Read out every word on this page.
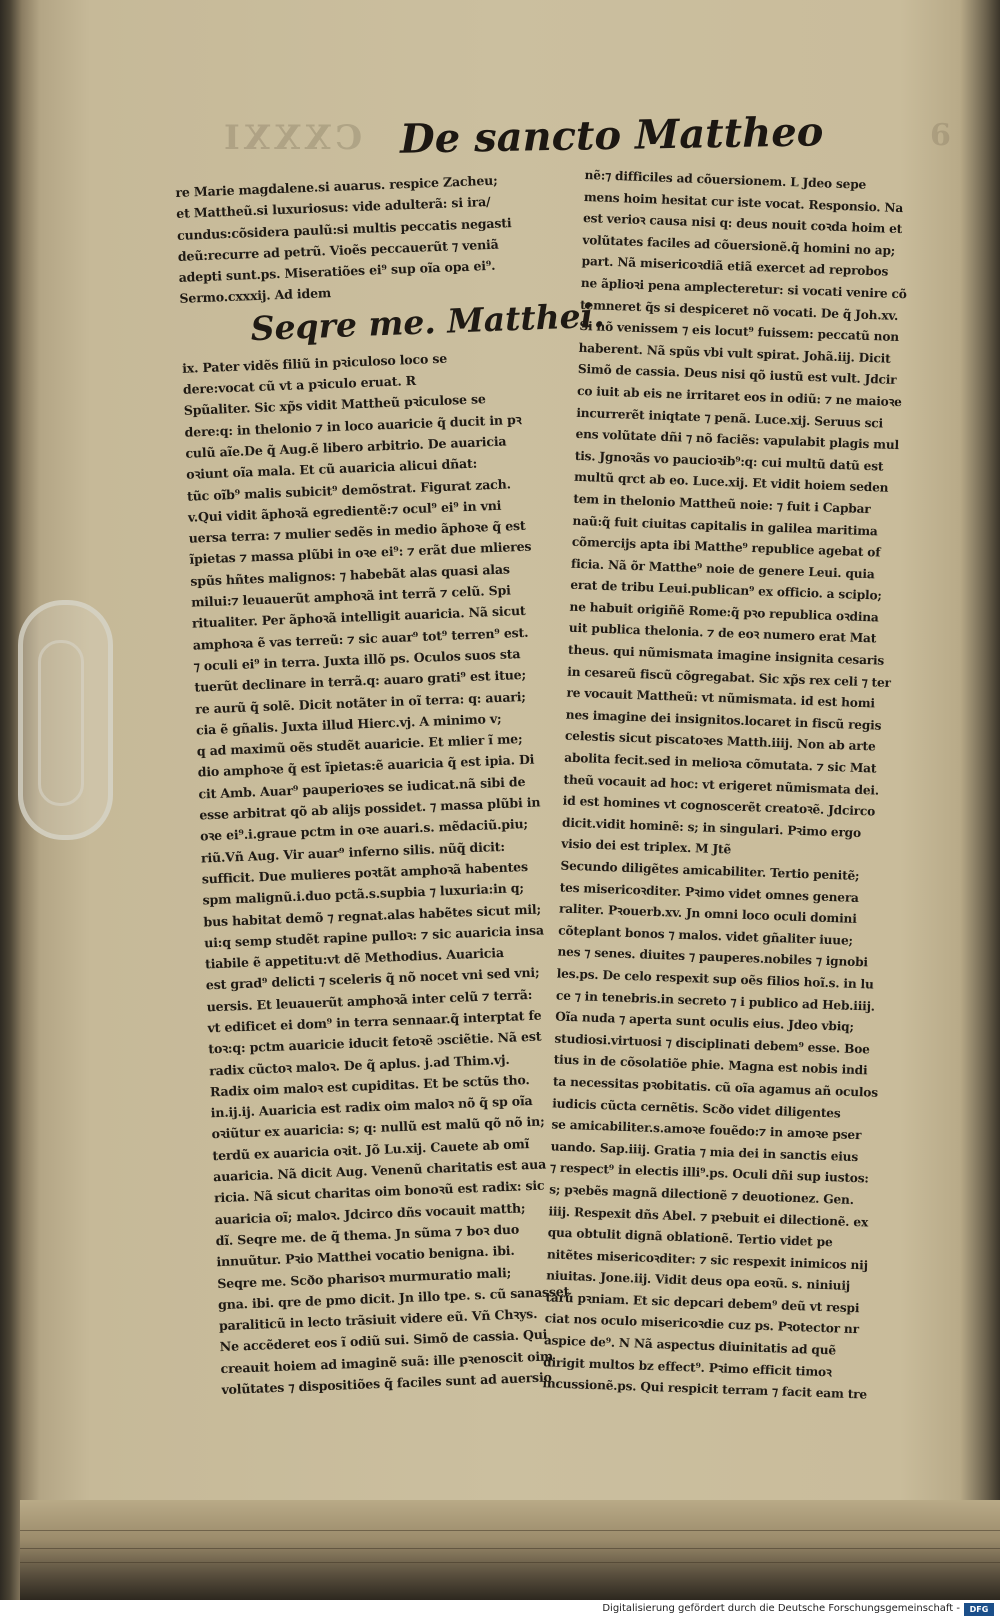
CXXXI	6
De sancto Mattheo
re Marie magdalene.si auarus. respice Zacheu;
et Mattheũ.si luxuriosus: vide adulterã: si ira/
cundus:cõsidera paulũ:si multis peccatis negasti
deũ:recurre ad petrũ. Vioẽs peccauerũt ⁊ veniã
adepti sunt.ps. Miseratiões ei⁹ sup oĩa opa ei⁹.
Sermo.cxxxij. Ad idem
Seqre me. Matthei.
ix. Pater vidẽs filiũ in pꝛiculoso loco se
dere:vocat cũ vt a pꝛiculo eruat. R
Spũaliter. Sic xp̃s vidit Mattheũ pꝛiculose se
dere:q: in thelonio ⁊ in loco auaricie q̃ ducit in pꝛ
culũ aĩe.De q̃ Aug.ẽ libero arbitrio. De auaricia
oꝛiunt oĩa mala. Et cũ auaricia alicui dñat:
tũc oĩb⁹ malis subicit⁹ demõstrat. Figurat zach.
v.Qui vidit ãphoꝛã egredientẽ:⁊ ocul⁹ ei⁹ in vni
uersa terra: ⁊ mulier sedẽs in medio ãphoꝛe q̃ est
ĩpietas ⁊ massa plũbi in oꝛe ei⁹: ⁊ erãt due mlieres
spũs hñtes malignos: ⁊ habebãt alas quasi alas
milui:⁊ leuauerũt amphoꝛã int terrã ⁊ celũ. Spi
ritualiter. Per ãphoꝛã intelligit auaricia. Nã sicut
amphoꝛa ẽ vas terreũ: ⁊ sic auar⁹ tot⁹ terren⁹ est.
⁊ oculi ei⁹ in terra. Juxta illõ ps. Oculos suos sta
tuerũt declinare in terrã.q: auaro grati⁹ est itue;
re aurũ q̃ solẽ. Dicit notãter in oĩ terra: q: auari;
cia ẽ gñalis. Juxta illud Hierc.vj. A minimo v;
q ad maximũ oẽs studẽt auaricie. Et mlier ĩ me;
dio amphoꝛe q̃ est ĩpietas:ẽ auaricia q̃ est ipia. Di
cit Amb. Auar⁹ pauperioꝛes se iudicat.nã sibi de
esse arbitrat qõ ab alijs possidet. ⁊ massa plũbi in
oꝛe ei⁹.i.graue pctm in oꝛe auari.s. mẽdaciũ.piu;
riũ.Vñ Aug. Vir auar⁹ inferno silis. nũq̃ dicit:
sufficit. Due mulieres poꝛtãt amphoꝛã habentes
spm malignũ.i.duo pctã.s.supbia ⁊ luxuria:in q;
bus habitat demõ ⁊ regnat.alas habẽtes sicut mil;
ui:q semp studẽt rapine pulloꝛ: ⁊ sic auaricia insa
tiabile ẽ appetitu:vt dẽ Methodius. Auaricia
est grad⁹ delicti ⁊ sceleris q̃ nõ nocet vni sed vni;
uersis. Et leuauerũt amphoꝛã inter celũ ⁊ terrã:
vt edificet ei dom⁹ in terra sennaar.q̃ interptat fe
toꝛ:q: pctm auaricie iducit fetoꝛẽ ↄsciẽtie. Nã est
radix cũctoꝛ maloꝛ. De q̃ aplus. j.ad Thim.vj.
Radix oim maloꝛ est cupiditas. Et be sctũs tho.
in.ij.ij. Auaricia est radix oim maloꝛ nõ q̃ sp oĩa
oꝛiũtur ex auaricia: s; q: nullũ est malũ qõ nõ in;
terdũ ex auaricia oꝛit. Jõ Lu.xij. Cauete ab omĩ
auaricia. Nã dicit Aug. Venenũ charitatis est aua
ricia. Nã sicut charitas oim bonoꝛũ est radix: sic
auaricia oĩ; maloꝛ. Jdcirco dñs vocauit matth;
dĩ. Seqre me. de q̃ thema. Jn sũma ⁊ boꝛ duo
innuũtur. Pꝛio Matthei vocatio benigna. ibi.
Seqre me. Scðo pharisoꝛ murmuratio mali;
gna. ibi. qre de pmo dicit. Jn illo tpe. s. cũ sanasset
paraliticũ in lecto trãsiuit videre eũ. Vñ Chꝛys.
Ne accẽderet eos ĩ odiũ sui. Simõ de cassia. Qui
creauit hoiem ad imaginẽ suã: ille pꝛenoscit oim
volũtates ⁊ dispositiões q̃ faciles sunt ad auersio
nẽ:⁊ difficiles ad cõuersionem. L Jdeo sepe
mens hoim hesitat cur iste vocat. Responsio. Na
est verioꝛ causa nisi q: deus nouit coꝛda hoim et
volũtates faciles ad cõuersionẽ.q̃ homini no ap;
part. Nã misericoꝛdiã etiã exercet ad reprobos
ne ãplioꝛi pena amplecteretur: si vocati venire cõ
temneret q̃s si despiceret nõ vocati. De q̃ Joh.xv.
Si nõ venissem ⁊ eis locut⁹ fuissem: peccatũ non
haberent. Nã spũs vbi vult spirat. Johã.iij. Dicit
Simõ de cassia. Deus nisi qõ iustũ est vult. Jdcir
co iuit ab eis ne irritaret eos in odiũ: ⁊ ne maioꝛe
incurrerẽt iniqtate ⁊ penã. Luce.xij. Seruus sci
ens volũtate dñi ⁊ nõ faciẽs: vapulabit plagis mul
tis. Jgnoꝛãs vo paucioꝛib⁹:q: cui multũ datũ est
multũ qrct ab eo. Luce.xij. Et vidit hoiem seden
tem in thelonio Mattheũ noie: ⁊ fuit i Capbar
naũ:q̃ fuit ciuitas capitalis in galilea maritima
cõmercijs apta ibi Matthe⁹ republice agebat of
ficia. Nã õr Matthe⁹ noie de genere Leui. quia
erat de tribu Leui.publican⁹ ex officio. a sciplo;
ne habuit origiñẽ Rome:q̃ pꝛo republica oꝛdina
uit publica thelonia. ⁊ de eoꝛ numero erat Mat
theus. qui nũmismata imagine insignita cesaris
in cesareũ fiscũ cõgregabat. Sic xp̃s rex celi ⁊ ter
re vocauit Mattheũ: vt nũmismata. id est homi
nes imagine dei insignitos.locaret in fiscũ regis
celestis sicut piscatoꝛes Matth.iiij. Non ab arte
abolita fecit.sed in melioꝛa cõmutata. ⁊ sic Mat
theũ vocauit ad hoc: vt erigeret nũmismata dei.
id est homines vt cognoscerẽt creatoꝛẽ. Jdcirco
dicit.vidit hominẽ: s; in singulari. Pꝛimo ergo
visio dei est triplex. M Jtẽ
Secundo diligẽtes amicabiliter. Tertio penitẽ;
tes misericoꝛditer. Pꝛimo videt omnes genera
raliter. Pꝛouerb.xv. Jn omni loco oculi domini
cõteplant bonos ⁊ malos. videt gñaliter iuue;
nes ⁊ senes. diuites ⁊ pauperes.nobiles ⁊ ignobi
les.ps. De celo respexit sup oẽs filios hoĩ.s. in lu
ce ⁊ in tenebris.in secreto ⁊ i publico ad Heb.iiij.
Oĩa nuda ⁊ aperta sunt oculis eius. Jdeo vbiq;
studiosi.virtuosi ⁊ disciplinati debem⁹ esse. Boe
tius in de cõsolatiõe phie. Magna est nobis indi
ta necessitas pꝛobitatis. cũ oĩa agamus añ oculos
iudicis cũcta cernẽtis. Scðo videt diligentes
se amicabiliter.s.amoꝛe fouẽdo:⁊ in amoꝛe pser
uando. Sap.iiij. Gratia ⁊ mia dei in sanctis eius
⁊ respect⁹ in electis illi⁹.ps. Oculi dñi sup iustos:
s; pꝛebẽs magnã dilectionẽ ⁊ deuotionez. Gen.
iiij. Respexit dñs Abel. ⁊ pꝛebuit ei dilectionẽ. ex
qua obtulit dignã oblationẽ. Tertio videt pe
nitẽtes misericoꝛditer: ⁊ sic respexit inimicos nij
niuitas. Jone.iij. Vidit deus opa eoꝛũ. s. niniuij
tarũ pꝛniam. Et sic depcari debem⁹ deũ vt respi
ciat nos oculo misericoꝛdie cuz ps. Pꝛotector nr
aspice de⁹. N Nã aspectus diuinitatis ad quẽ
dirigit multos bz effect⁹. Pꝛimo efficit timoꝛ
incussionẽ.ps. Qui respicit terram ⁊ facit eam tre
Digitalisierung gefördert durch die Deutsche Forschungsgemeinschaft -	DFG
